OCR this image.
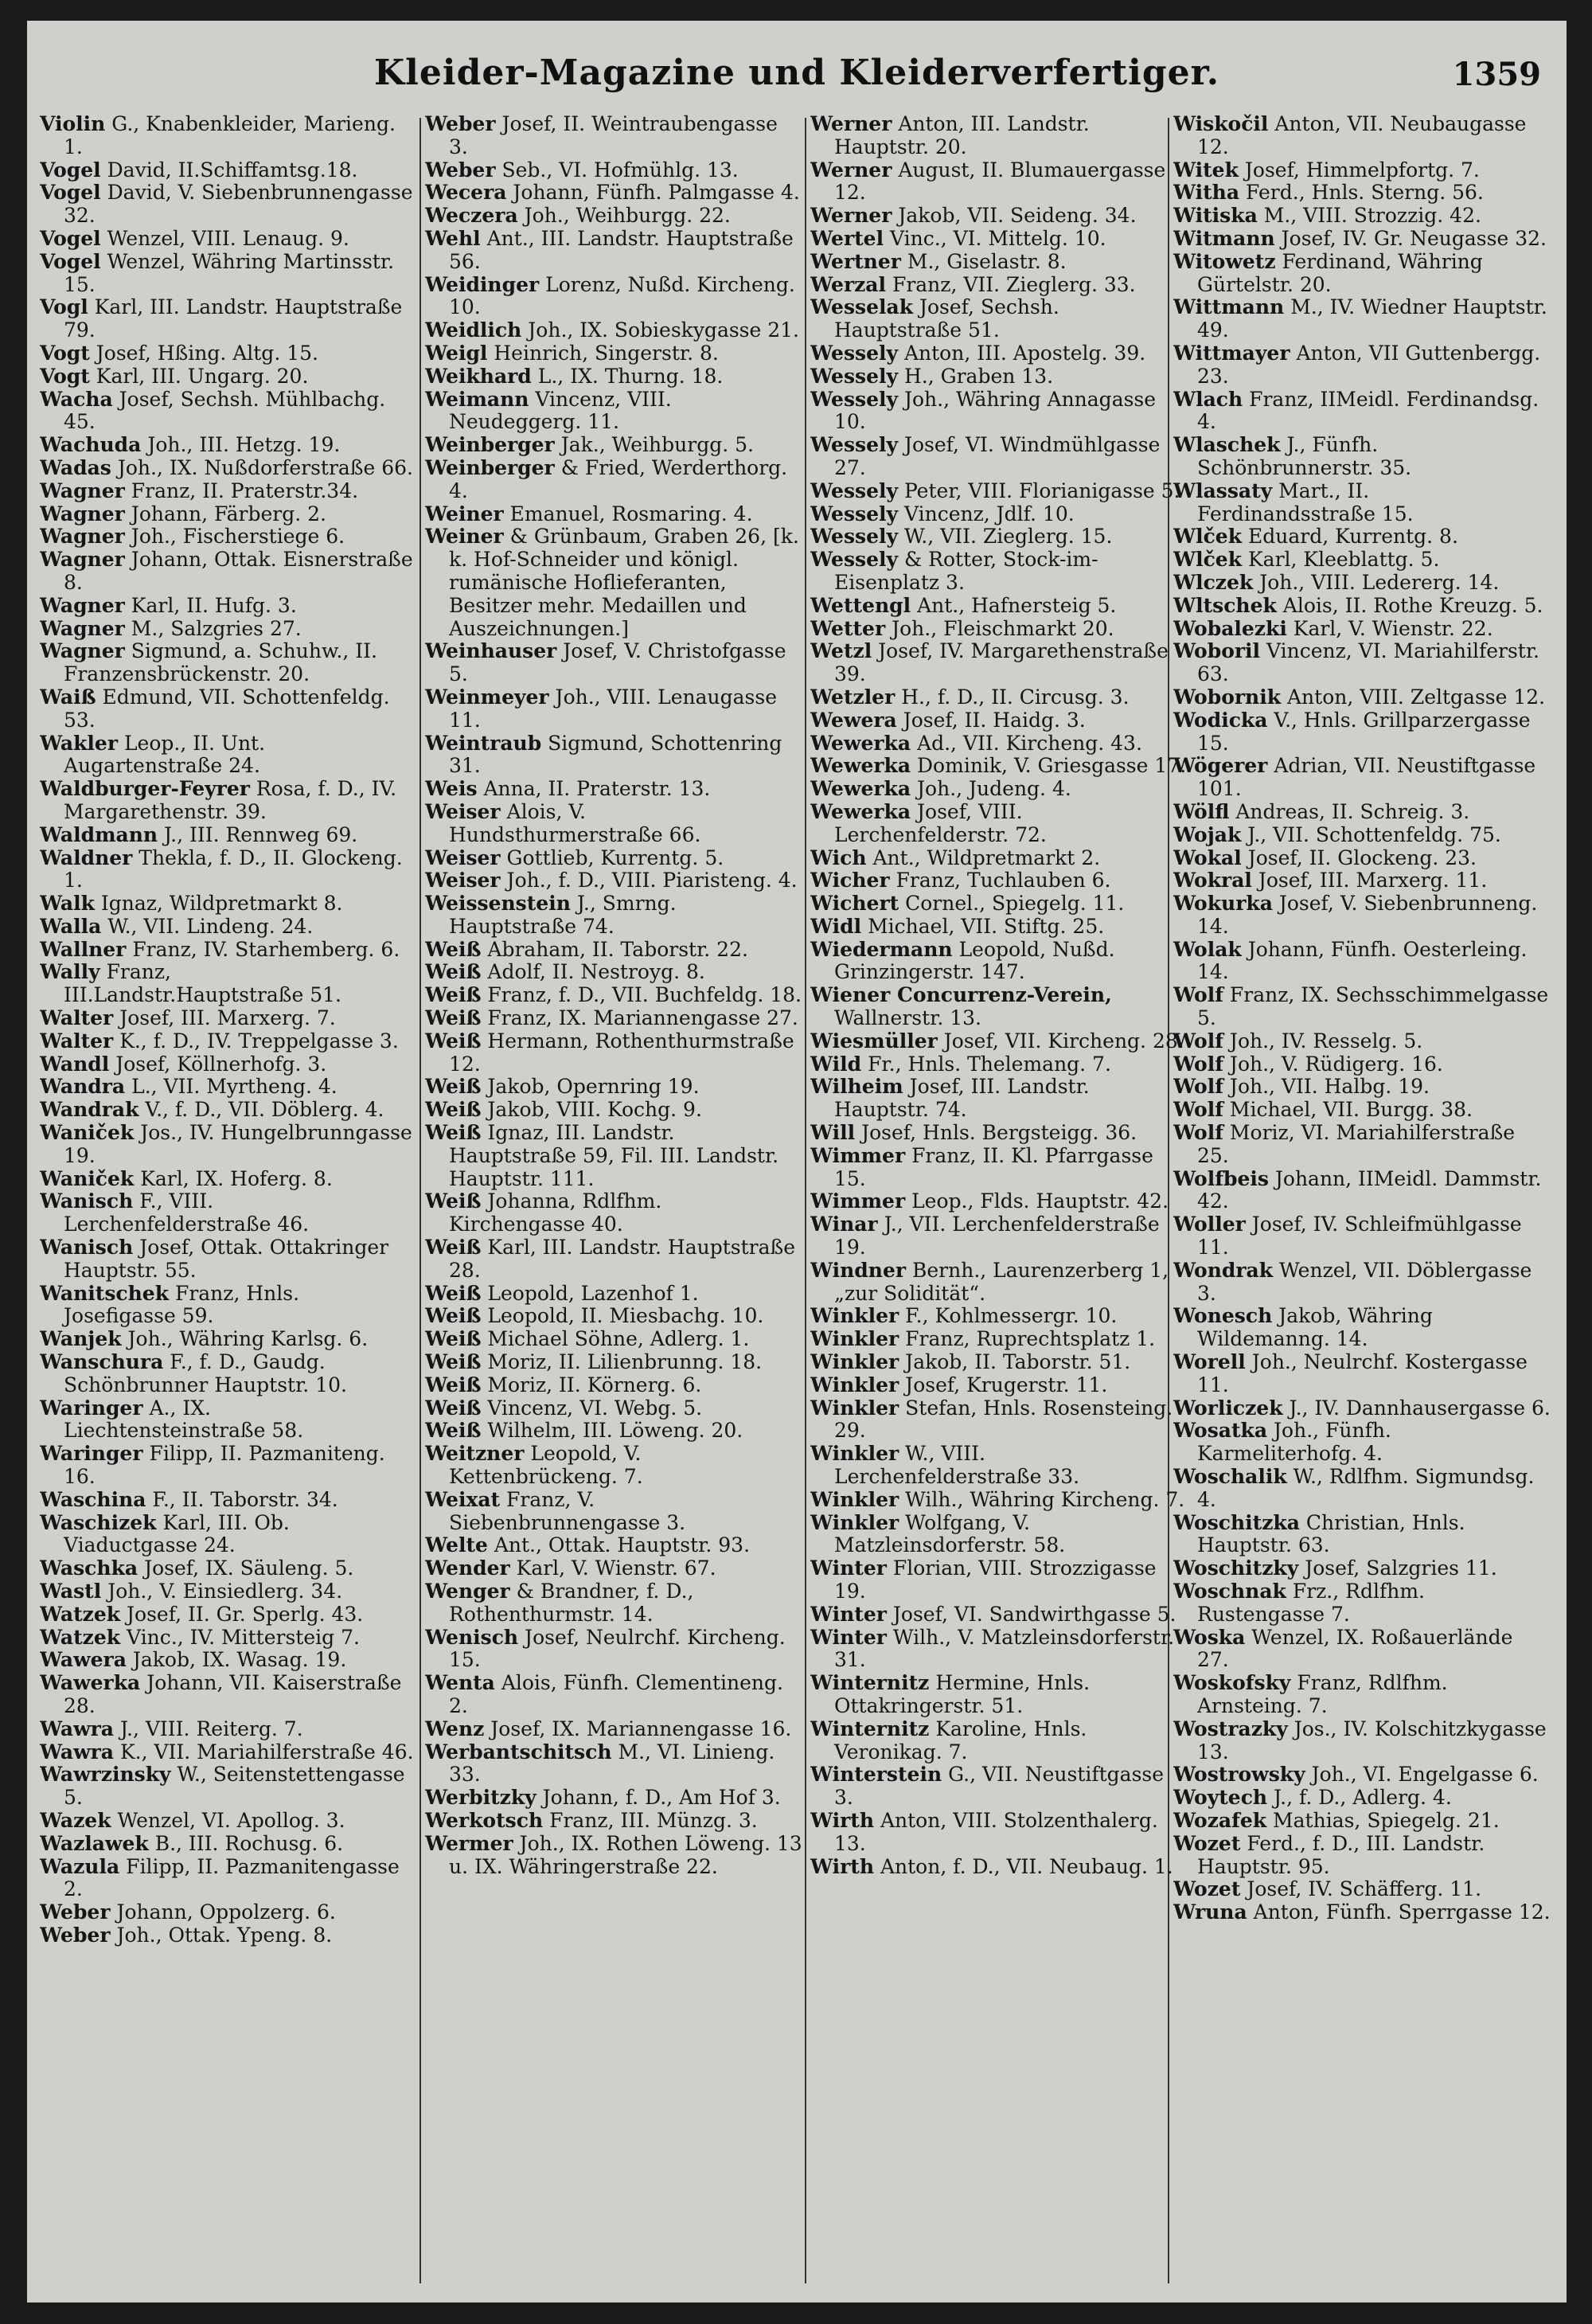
Kleider-Magazine und Kleiderverfertiger.	1359

Violin G., Knabenkleider, Marieng. 1.

Vogel David, II.Schiffamtsg.18.

Vogel David, V. Siebenbrunnengasse 32.

Vogel Wenzel, VIII. Lenaug. 9.

Vogel Wenzel, Währing Martinsstr. 15.

Vogl Karl, III. Landstr. Hauptstraße 79.

Vogt Josef, Hßing. Altg. 15.

Vogt Karl, III. Ungarg. 20.

Wacha Josef, Sechsh. Mühlbachg. 45.

Wachuda Joh., III. Hetzg. 19.

Wadas Joh., IX. Nußdorferstraße 66.

Wagner Franz, II. Praterstr.34.

Wagner Johann, Färberg. 2.

Wagner Joh., Fischerstiege 6.

Wagner Johann, Ottak. Eisnerstraße 8.

Wagner Karl, II. Hufg. 3.

Wagner M., Salzgries 27.

Wagner Sigmund, a. Schuhw., II. Franzensbrückenstr. 20.

Waiß Edmund, VII. Schottenfeldg. 53.

Wakler Leop., II. Unt. Augartenstraße 24.

Waldburger-Feyrer Rosa, f. D., IV. Margarethenstr. 39.

Waldmann J., III. Rennweg 69.

Waldner Thekla, f. D., II. Glockeng. 1.

Walk Ignaz, Wildpretmarkt 8.

Walla W., VII. Lindeng. 24.

Wallner Franz, IV. Starhemberg. 6.

Wally Franz, III.Landstr.Hauptstraße 51.

Walter Josef, III. Marxerg. 7.

Walter K., f. D., IV. Treppelgasse 3.

Wandl Josef, Köllnerhofg. 3.

Wandra L., VII. Myrtheng. 4.

Wandrak V., f. D., VII. Döblerg. 4.

Waniček Jos., IV. Hungelbrunngasse 19.

Waniček Karl, IX. Hoferg. 8.

Wanisch F., VIII. Lerchenfelderstraße 46.

Wanisch Josef, Ottak. Ottakringer Hauptstr. 55.

Wanitschek Franz, Hnls. Josefigasse 59.

Wanjek Joh., Währing Karlsg. 6.

Wanschura F., f. D., Gaudg. Schönbrunner Hauptstr. 10.

Waringer A., IX. Liechtensteinstraße 58.

Waringer Filipp, II. Pazmaniteng. 16.

Waschina F., II. Taborstr. 34.

Waschizek Karl, III. Ob. Viaductgasse 24.

Waschka Josef, IX. Säuleng. 5.

Wastl Joh., V. Einsiedlerg. 34.

Watzek Josef, II. Gr. Sperlg. 43.

Watzek Vinc., IV. Mittersteig 7.

Wawera Jakob, IX. Wasag. 19.

Wawerka Johann, VII. Kaiserstraße 28.

Wawra J., VIII. Reiterg. 7.

Wawra K., VII. Mariahilferstraße 46.

Wawrzinsky W., Seitenstettengasse 5.

Wazek Wenzel, VI. Apollog. 3.

Wazlawek B., III. Rochusg. 6.

Wazula Filipp, II. Pazmanitengasse 2.

Weber Johann, Oppolzerg. 6.

Weber Joh., Ottak. Ypeng. 8.

Weber Josef, II. Weintraubengasse 3.

Weber Seb., VI. Hofmühlg. 13.

Wecera Johann, Fünfh. Palmgasse 4.

Weczera Joh., Weihburgg. 22.

Wehl Ant., III. Landstr. Hauptstraße 56.

Weidinger Lorenz, Nußd. Kircheng. 10.

Weidlich Joh., IX. Sobieskygasse 21.

Weigl Heinrich, Singerstr. 8.

Weikhard L., IX. Thurng. 18.

Weimann Vincenz, VIII. Neudeggerg. 11.

Weinberger Jak., Weihburgg. 5.

Weinberger & Fried, Werderthorg. 4.

Weiner Emanuel, Rosmaring. 4.

Weiner & Grünbaum, Graben 26, [k. k. Hof-Schneider und königl. rumänische Hoflieferanten, Besitzer mehr. Medaillen und Auszeichnungen.]

Weinhauser Josef, V. Christofgasse 5.

Weinmeyer Joh., VIII. Lenaugasse 11.

Weintraub Sigmund, Schottenring 31.

Weis Anna, II. Praterstr. 13.

Weiser Alois, V. Hundsthurmerstraße 66.

Weiser Gottlieb, Kurrentg. 5.

Weiser Joh., f. D., VIII. Piaristeng. 4.

Weissenstein J., Smrng. Hauptstraße 74.

Weiß Abraham, II. Taborstr. 22.

Weiß Adolf, II. Nestroyg. 8.

Weiß Franz, f. D., VII. Buchfeldg. 18.

Weiß Franz, IX. Mariannengasse 27.

Weiß Hermann, Rothenthurmstraße 12.

Weiß Jakob, Opernring 19.

Weiß Jakob, VIII. Kochg. 9.

Weiß Ignaz, III. Landstr. Hauptstraße 59, Fil. III. Landstr. Hauptstr. 111.

Weiß Johanna, Rdlfhm. Kirchengasse 40.

Weiß Karl, III. Landstr. Hauptstraße 28.

Weiß Leopold, Lazenhof 1.

Weiß Leopold, II. Miesbachg. 10.

Weiß Michael Söhne, Adlerg. 1.

Weiß Moriz, II. Lilienbrunng. 18.

Weiß Moriz, II. Körnerg. 6.

Weiß Vincenz, VI. Webg. 5.

Weiß Wilhelm, III. Löweng. 20.

Weitzner Leopold, V. Kettenbrückeng. 7.

Weixat Franz, V. Siebenbrunnengasse 3.

Welte Ant., Ottak. Hauptstr. 93.

Wender Karl, V. Wienstr. 67.

Wenger & Brandner, f. D., Rothenthurmstr. 14.

Wenisch Josef, Neulrchf. Kircheng. 15.

Wenta Alois, Fünfh. Clementineng. 2.

Wenz Josef, IX. Mariannengasse 16.

Werbantschitsch M., VI. Linieng. 33.

Werbitzky Johann, f. D., Am Hof 3.

Werkotsch Franz, III. Münzg. 3.

Wermer Joh., IX. Rothen Löweng. 13 u. IX. Währingerstraße 22.

Werner Anton, III. Landstr. Hauptstr. 20.

Werner August, II. Blumauergasse 12.

Werner Jakob, VII. Seideng. 34.

Wertel Vinc., VI. Mittelg. 10.

Wertner M., Giselastr. 8.

Werzal Franz, VII. Zieglerg. 33.

Wesselak Josef, Sechsh. Hauptstraße 51.

Wessely Anton, III. Apostelg. 39.

Wessely H., Graben 13.

Wessely Joh., Währing Annagasse 10.

Wessely Josef, VI. Windmühlgasse 27.

Wessely Peter, VIII. Florianigasse 5.

Wessely Vincenz, Jdlf. 10.

Wessely W., VII. Zieglerg. 15.

Wessely & Rotter, Stock-im-Eisenplatz 3.

Wettengl Ant., Hafnersteig 5.

Wetter Joh., Fleischmarkt 20.

Wetzl Josef, IV. Margarethenstraße 39.

Wetzler H., f. D., II. Circusg. 3.

Wewera Josef, II. Haidg. 3.

Wewerka Ad., VII. Kircheng. 43.

Wewerka Dominik, V. Griesgasse 17.

Wewerka Joh., Judeng. 4.

Wewerka Josef, VIII. Lerchenfelderstr. 72.

Wich Ant., Wildpretmarkt 2.

Wicher Franz, Tuchlauben 6.

Wichert Cornel., Spiegelg. 11.

Widl Michael, VII. Stiftg. 25.

Wiedermann Leopold, Nußd. Grinzingerstr. 147.

Wiener Concurrenz-Verein, Wallnerstr. 13.

Wiesmüller Josef, VII. Kircheng. 28.

Wild Fr., Hnls. Thelemang. 7.

Wilheim Josef, III. Landstr. Hauptstr. 74.

Will Josef, Hnls. Bergsteigg. 36.

Wimmer Franz, II. Kl. Pfarrgasse 15.

Wimmer Leop., Flds. Hauptstr. 42.

Winar J., VII. Lerchenfelderstraße 19.

Windner Bernh., Laurenzerberg 1, „zur Solidität“.

Winkler F., Kohlmessergr. 10.

Winkler Franz, Ruprechtsplatz 1.

Winkler Jakob, II. Taborstr. 51.

Winkler Josef, Krugerstr. 11.

Winkler Stefan, Hnls. Rosensteing. 29.

Winkler W., VIII. Lerchenfelderstraße 33.

Winkler Wilh., Währing Kircheng. 7.

Winkler Wolfgang, V. Matzleinsdorferstr. 58.

Winter Florian, VIII. Strozzigasse 19.

Winter Josef, VI. Sandwirthgasse 5.

Winter Wilh., V. Matzleinsdorferstr. 31.

Winternitz Hermine, Hnls. Ottakringerstr. 51.

Winternitz Karoline, Hnls. Veronikag. 7.

Winterstein G., VII. Neustiftgasse 3.

Wirth Anton, VIII. Stolzenthalerg. 13.

Wirth Anton, f. D., VII. Neubaug. 1.

Wiskočil Anton, VII. Neubaugasse 12.

Witek Josef, Himmelpfortg. 7.

Witha Ferd., Hnls. Sterng. 56.

Witiska M., VIII. Strozzig. 42.

Witmann Josef, IV. Gr. Neugasse 32.

Witowetz Ferdinand, Währing Gürtelstr. 20.

Wittmann M., IV. Wiedner Hauptstr. 49.

Wittmayer Anton, VII Guttenbergg. 23.

Wlach Franz, IIMeidl. Ferdinandsg. 4.

Wlaschek J., Fünfh. Schönbrunnerstr. 35.

Wlassaty Mart., II. Ferdinandsstraße 15.

Wlček Eduard, Kurrentg. 8.

Wlček Karl, Kleeblattg. 5.

Wlczek Joh., VIII. Ledererg. 14.

Wltschek Alois, II. Rothe Kreuzg. 5.

Wobalezki Karl, V. Wienstr. 22.

Woboril Vincenz, VI. Mariahilferstr. 63.

Wobornik Anton, VIII. Zeltgasse 12.

Wodicka V., Hnls. Grillparzergasse 15.

Wögerer Adrian, VII. Neustiftgasse 101.

Wölfl Andreas, II. Schreig. 3.

Wojak J., VII. Schottenfeldg. 75.

Wokal Josef, II. Glockeng. 23.

Wokral Josef, III. Marxerg. 11.

Wokurka Josef, V. Siebenbrunneng. 14.

Wolak Johann, Fünfh. Oesterleing. 14.

Wolf Franz, IX. Sechsschimmelgasse 5.

Wolf Joh., IV. Resselg. 5.

Wolf Joh., V. Rüdigerg. 16.

Wolf Joh., VII. Halbg. 19.

Wolf Michael, VII. Burgg. 38.

Wolf Moriz, VI. Mariahilferstraße 25.

Wolfbeis Johann, IIMeidl. Dammstr. 42.

Woller Josef, IV. Schleifmühlgasse 11.

Wondrak Wenzel, VII. Döblergasse 3.

Wonesch Jakob, Währing Wildemanng. 14.

Worell Joh., Neulrchf. Kostergasse 11.

Worliczek J., IV. Dannhausergasse 6.

Wosatka Joh., Fünfh. Karmeliterhofg. 4.

Woschalik W., Rdlfhm. Sigmundsg. 4.

Woschitzka Christian, Hnls. Hauptstr. 63.

Woschitzky Josef, Salzgries 11.

Woschnak Frz., Rdlfhm. Rustengasse 7.

Woska Wenzel, IX. Roßauerlände 27.

Woskofsky Franz, Rdlfhm. Arnsteing. 7.

Wostrazky Jos., IV. Kolschitzkygasse 13.

Wostrowsky Joh., VI. Engelgasse 6.

Woytech J., f. D., Adlerg. 4.

Wozafek Mathias, Spiegelg. 21.

Wozet Ferd., f. D., III. Landstr. Hauptstr. 95.

Wozet Josef, IV. Schäfferg. 11.

Wruna Anton, Fünfh. Sperrgasse 12.
